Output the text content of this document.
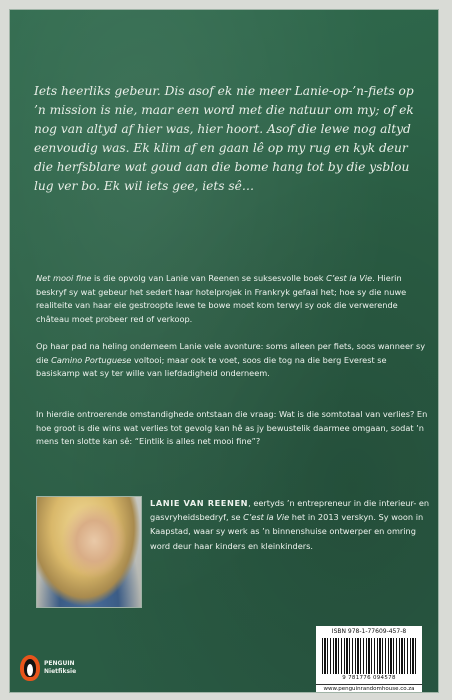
Iets heerliks gebeur. Dis asof ek nie meer Lanie-op-’n-fiets op ’n mission is nie, maar een word met die natuur om my; of ek nog van altyd af hier was, hier hoort. Asof die lewe nog altyd eenvoudig was. Ek klim af en gaan lê op my rug en kyk deur die herfsblare wat goud aan die bome hang tot by die ysblou lug ver bo. Ek wil iets gee, iets sê…

Net mooi fine is die opvolg van Lanie van Reenen se suksesvolle boek C’est la Vie. Hierin beskryf sy wat gebeur het sedert haar hotelprojek in Frankryk gefaal het; hoe sy die nuwe realiteite van haar eie gestroopte lewe te bowe moet kom terwyl sy ook die verwerende château moet probeer red of verkoop.

Op haar pad na heling onderneem Lanie vele avonture: soms alleen per fiets, soos wanneer sy die Camino Portuguese voltooi; maar ook te voet, soos die tog na die berg Everest se basiskamp wat sy ter wille van liefdadigheid onderneem.

In hierdie ontroerende omstandighede ontstaan die vraag: Wat is die somtotaal van verlies? En hoe groot is die wins wat verlies tot gevolg kan hê as jy bewustelik daarmee omgaan, sodat ’n mens ten slotte kan sê: “Eintlik is alles net mooi fine”?

LANIE VAN REENEN, eertyds ’n entrepreneur in die interieur- en gasvryheidsbedryf, se C’est la Vie het in 2013 verskyn. Sy woon in Kaapstad, waar sy werk as ’n binnenshuise ontwerper en omring word deur haar kinders en kleinkinders.

PENGUIN
Nietfiksie
ISBN 978-1-77609-457-8
9 781776 094578
www.penguinrandomhouse.co.za
